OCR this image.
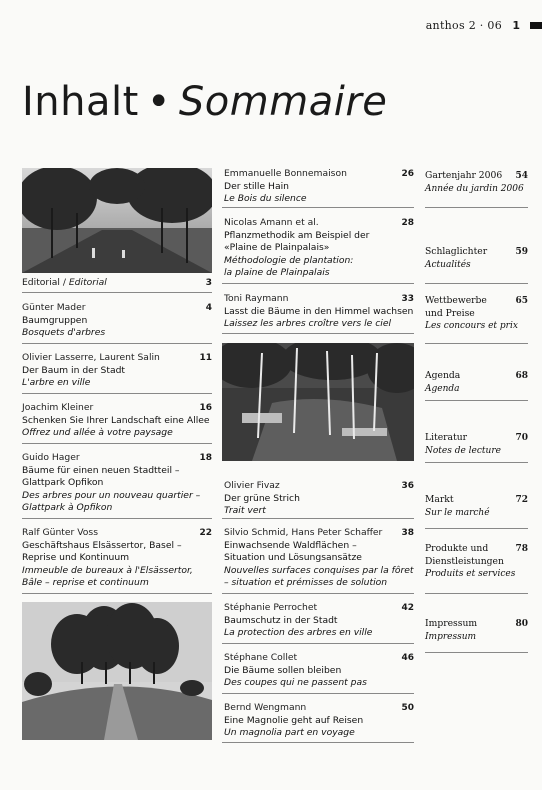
anthos 2 · 06 1
Inhalt • Sommaire
Editorial / Editorial	3
Günter Mader
Baumgruppen
Bosquets d'arbres
4
Olivier Lasserre, Laurent Salin
Der Baum in der Stadt
L'arbre en ville
11
Joachim Kleiner
Schenken Sie Ihrer Landschaft eine Allee
Offrez und allée à votre paysage
16
Guido Hager
Bäume für einen neuen Stadtteil – Glattpark Opfikon
Des arbres pour un nouveau quartier – Glattpark à Opfikon
18
Ralf Günter Voss
Geschäftshaus Elsässertor, Basel – Reprise und Kontinuum
Immeuble de bureaux à l'Elsässertor, Bâle – reprise et continuum
22
Emmanuelle Bonnemaison
Der stille Hain
Le Bois du silence
26
Nicolas Amann et al.
Pflanzmethodik am Beispiel der «Plaine de Plainpalais»
Méthodologie de plantation: la plaine de Plainpalais
28
Toni Raymann
Lasst die Bäume in den Himmel wachsen
Laissez les arbres croître vers le ciel
33
Olivier Fivaz
Der grüne Strich
Trait vert
36
Silvio Schmid, Hans Peter Schaffer
Einwachsende Waldflächen – Situation und Lösungsansätze
Nouvelles surfaces conquises par la fôret – situation et prémisses de solution
38
Stéphanie Perrochet
Baumschutz in der Stadt
La protection des arbres en ville
42
Stéphane Collet
Die Bäume sollen bleiben
Des coupes qui ne passent pas
46
Bernd Wengmann
Eine Magnolie geht auf Reisen
Un magnolia part en voyage
50
Gartenjahr 2006
Année du jardin 2006
54
Schlaglichter
Actualités
59
Wettbewerbe und Preise
Les concours et prix
65
Agenda
Agenda
68
Literatur
Notes de lecture
70
Markt
Sur le marché
72
Produkte und Dienstleistungen
Produits et services
78
Impressum
Impressum
80
